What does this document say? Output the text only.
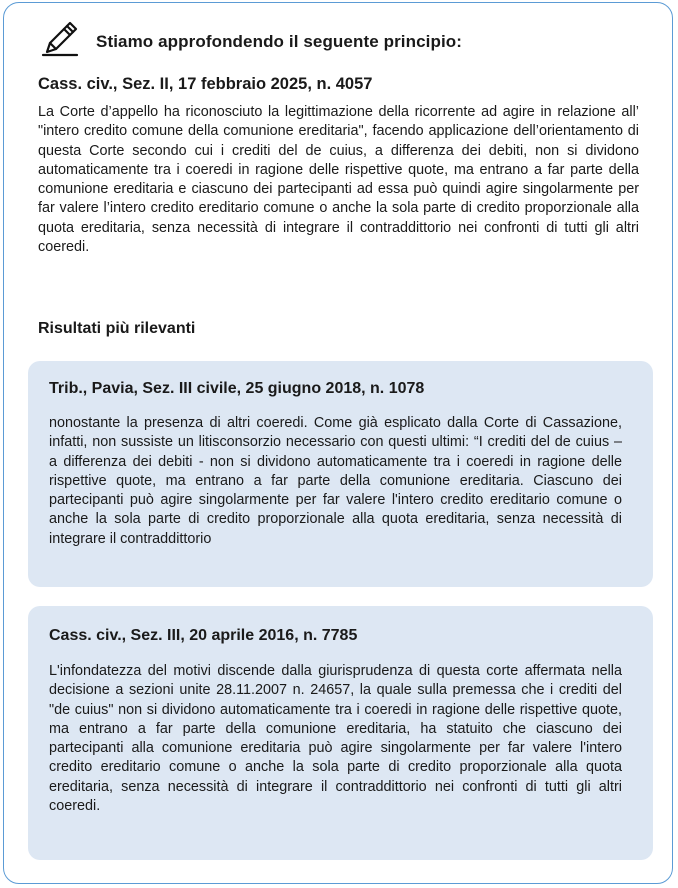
Stiamo approfondendo il seguente principio:
Cass. civ., Sez. II, 17 febbraio 2025, n. 4057
La Corte d’appello ha riconosciuto la legittimazione della ricorrente ad agire in relazione all’ "intero credito comune della comunione ereditaria", facendo applicazione dell’orientamento di questa Corte secondo cui i crediti del de cuius, a differenza dei debiti, non si dividono automaticamente tra i coeredi in ragione delle rispettive quote, ma entrano a far parte della comunione ereditaria e ciascuno dei partecipanti ad essa può quindi agire singolarmente per far valere l’intero credito ereditario comune o anche la sola parte di credito proporzionale alla quota ereditaria, senza necessità di integrare il contraddittorio nei confronti di tutti gli altri coeredi.
Risultati più rilevanti
Trib., Pavia, Sez. III civile, 25 giugno 2018, n. 1078
nonostante la presenza di altri coeredi. Come già esplicato dalla Corte di Cassazione, infatti, non sussiste un litisconsorzio necessario con questi ultimi: “I crediti del de cuius – a differenza dei debiti - non si dividono automaticamente tra i coeredi in ragione delle rispettive quote, ma entrano a far parte della comunione ereditaria. Ciascuno dei partecipanti può agire singolarmente per far valere l'intero credito ereditario comune o anche la sola parte di credito proporzionale alla quota ereditaria, senza necessità di integrare il contraddittorio
Cass. civ., Sez. III, 20 aprile 2016, n. 7785
L'infondatezza del motivi discende dalla giurisprudenza di questa corte affermata nella decisione a sezioni unite 28.11.2007 n. 24657, la quale sulla premessa che i crediti del "de cuius" non si dividono automaticamente tra i coeredi in ragione delle rispettive quote, ma entrano a far parte della comunione ereditaria, ha statuito che ciascuno dei partecipanti alla comunione ereditaria può agire singolarmente per far valere l'intero credito ereditario comune o anche la sola parte di credito proporzionale alla quota ereditaria, senza necessità di integrare il contraddittorio nei confronti di tutti gli altri coeredi.
